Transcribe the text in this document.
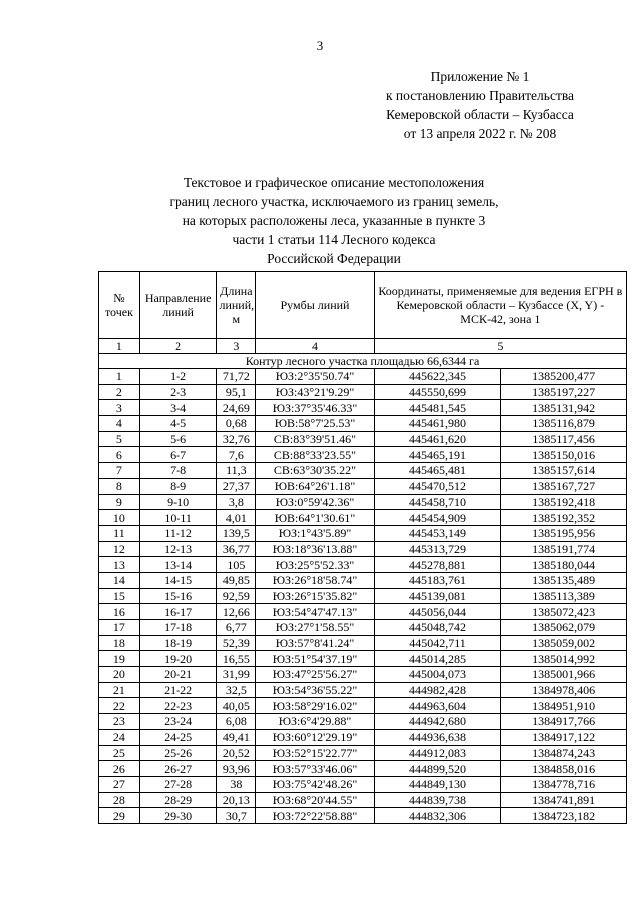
3
Приложение № 1
к постановлению Правительства
Кемеровской области – Кузбасса
от 13 апреля 2022 г. № 208
Текстовое и графическое описание местоположения
границ лесного участка, исключаемого из границ земель,
на которых расположены леса, указанные в пункте 3
части 1 статьи 114 Лесного кодекса
Российской Федерации
№ точек	Направление линий	Длина линий, м	Румбы линий	Координаты, применяемые для ведения ЕГРН в Кемеровской области – Кузбассе (X, Y) - МСК-42, зона 1	
1	2	3	4	5	
Контур лесного участка площадью 66,6344 га					
1	1-2	71,72	ЮЗ:2°35'50.74"	445622,345	1385200,477
2	2-3	95,1	ЮЗ:43°21'9.29"	445550,699	1385197,227
3	3-4	24,69	ЮЗ:37°35'46.33"	445481,545	1385131,942
4	4-5	0,68	ЮВ:58°7'25.53"	445461,980	1385116,879
5	5-6	32,76	СВ:83°39'51.46"	445461,620	1385117,456
6	6-7	7,6	СВ:88°33'23.55"	445465,191	1385150,016
7	7-8	11,3	СВ:63°30'35.22"	445465,481	1385157,614
8	8-9	27,37	ЮВ:64°26'1.18"	445470,512	1385167,727
9	9-10	3,8	ЮЗ:0°59'42.36"	445458,710	1385192,418
10	10-11	4,01	ЮВ:64°1'30.61"	445454,909	1385192,352
11	11-12	139,5	ЮЗ:1°43'5.89"	445453,149	1385195,956
12	12-13	36,77	ЮЗ:18°36'13.88"	445313,729	1385191,774
13	13-14	105	ЮЗ:25°5'52.33"	445278,881	1385180,044
14	14-15	49,85	ЮЗ:26°18'58.74"	445183,761	1385135,489
15	15-16	92,59	ЮЗ:26°15'35.82"	445139,081	1385113,389
16	16-17	12,66	ЮЗ:54°47'47.13"	445056,044	1385072,423
17	17-18	6,77	ЮЗ:27°1'58.55"	445048,742	1385062,079
18	18-19	52,39	ЮЗ:57°8'41.24"	445042,711	1385059,002
19	19-20	16,55	ЮЗ:51°54'37.19"	445014,285	1385014,992
20	20-21	31,99	ЮЗ:47°25'56.27"	445004,073	1385001,966
21	21-22	32,5	ЮЗ:54°36'55.22"	444982,428	1384978,406
22	22-23	40,05	ЮЗ:58°29'16.02"	444963,604	1384951,910
23	23-24	6,08	ЮЗ:6°4'29.88"	444942,680	1384917,766
24	24-25	49,41	ЮЗ:60°12'29.19"	444936,638	1384917,122
25	25-26	20,52	ЮЗ:52°15'22.77"	444912,083	1384874,243
26	26-27	93,96	ЮЗ:57°33'46.06"	444899,520	1384858,016
27	27-28	38	ЮЗ:75°42'48.26"	444849,130	1384778,716
28	28-29	20,13	ЮЗ:68°20'44.55"	444839,738	1384741,891
29	29-30	30,7	ЮЗ:72°22'58.88"	444832,306	1384723,182
